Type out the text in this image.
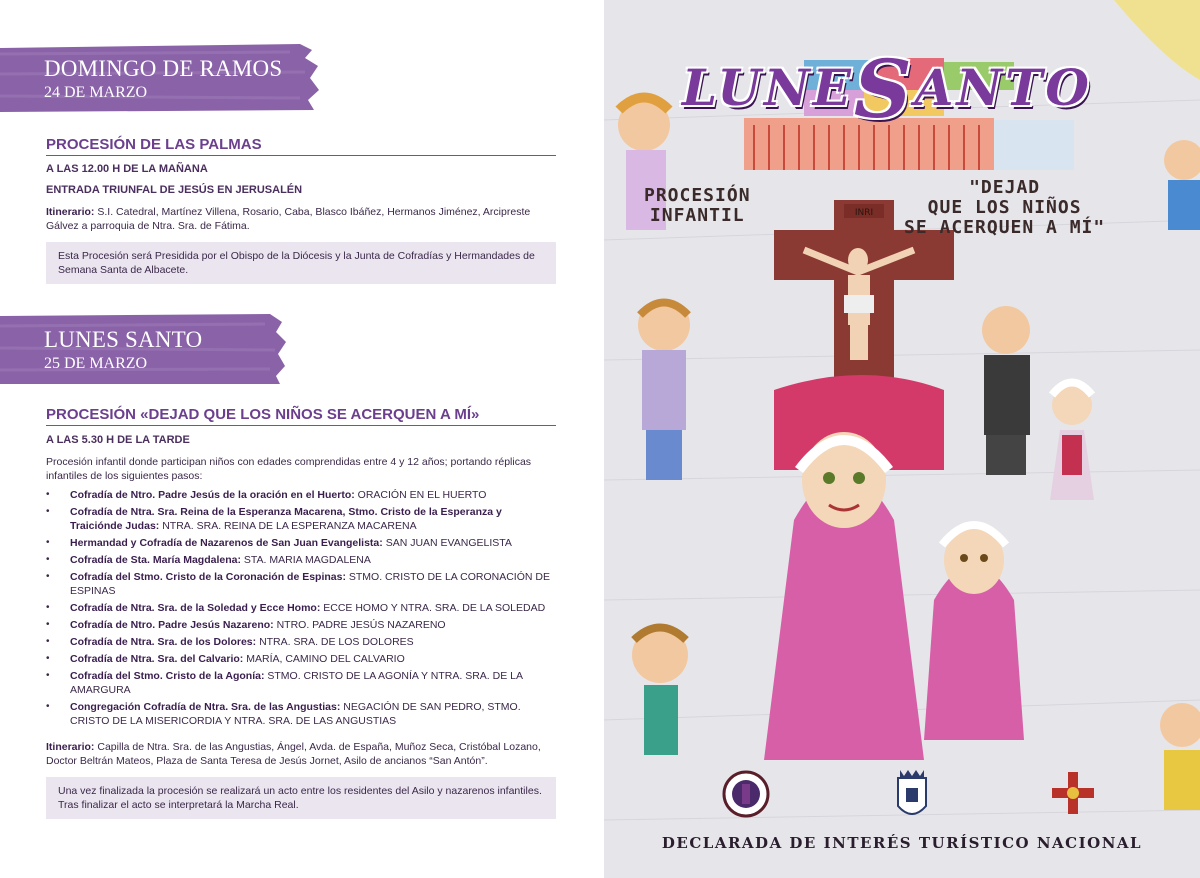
DOMINGO DE RAMOS
24 DE MARZO
PROCESIÓN DE LAS PALMAS
A LAS 12.00 H DE LA MAÑANA
ENTRADA TRIUNFAL DE JESÚS EN JERUSALÉN
Itinerario: S.I. Catedral, Martínez Villena, Rosario, Caba, Blasco Ibáñez, Hermanos Jiménez, Arcipreste Gálvez a parroquia de Ntra. Sra. de Fátima.
Esta Procesión será Presidida por el Obispo de la Diócesis y la Junta de Cofradías y Hermandades de Semana Santa de Albacete.
LUNES SANTO
25 DE MARZO
PROCESIÓN «DEJAD QUE LOS NIÑOS SE ACERQUEN A MÍ»
A LAS 5.30 H DE LA TARDE
Procesión infantil donde participan niños con edades comprendidas entre 4 y 12 años; portando réplicas infantiles de los siguientes pasos:
• Cofradía de Ntro. Padre Jesús de la oración en el Huerto: ORACIÓN EN EL HUERTO
• Cofradía de Ntra. Sra. Reina de la Esperanza Macarena, Stmo. Cristo de la Esperanza y Traiciónde Judas: NTRA. SRA. REINA DE LA ESPERANZA MACARENA
• Hermandad y Cofradía de Nazarenos de San Juan Evangelista: SAN JUAN EVANGELISTA
• Cofradía de Sta. María Magdalena: STA. MARIA MAGDALENA
• Cofradía del Stmo. Cristo de la Coronación de Espinas: STMO. CRISTO DE LA CORONACIÓN DE ESPINAS
• Cofradía de Ntra. Sra. de la Soledad y Ecce Homo: ECCE HOMO Y NTRA. SRA. DE LA SOLEDAD
• Cofradía de Ntro. Padre Jesús Nazareno: NTRO. PADRE JESÚS NAZARENO
• Cofradía de Ntra. Sra. de los Dolores: NTRA. SRA. DE LOS DOLORES
• Cofradía de Ntra. Sra. del Calvario: MARÍA, CAMINO DEL CALVARIO
• Cofradía del Stmo. Cristo de la Agonía: STMO. CRISTO DE LA AGONÍA Y NTRA. SRA. DE LA AMARGURA
• Congregación Cofradía de Ntra. Sra. de las Angustias: NEGACIÓN DE SAN PEDRO, STMO. CRISTO DE LA MISERICORDIA Y NTRA. SRA. DE LAS ANGUSTIAS
Itinerario: Capilla de Ntra. Sra. de las Angustias, Ángel, Avda. de España, Muñoz Seca, Cristóbal Lozano, Doctor Beltrán Mateos, Plaza de Santa Teresa de Jesús Jornet, Asilo de ancianos “San Antón”.
Una vez finalizada la procesión se realizará un acto entre los residentes del Asilo y nazarenos infantiles. Tras finalizar el acto se interpretará la Marcha Real.
INRI
LUNESANTO
PROCESIÓN
INFANTIL
"DEJAD
QUE LOS NIÑOS
SE ACERQUEN A MÍ"
DECLARADA DE INTERÉS TURÍSTICO NACIONAL
